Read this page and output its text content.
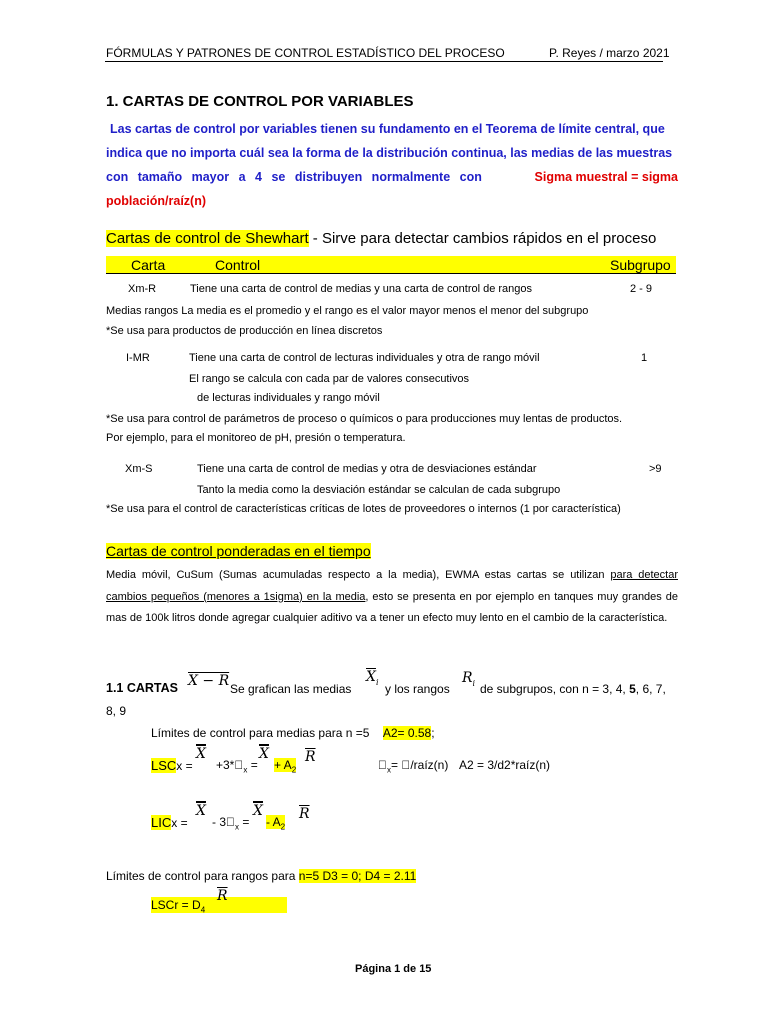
FÓRMULAS Y PATRONES DE CONTROL ESTADÍSTICO DEL PROCESO	P. Reyes / marzo 2021
1. CARTAS DE CONTROL POR VARIABLES
Las cartas de control por variables tienen su fundamento en el Teorema de límite central, que
indica que no importa cuál sea la forma de la distribución continua, las medias de las muestras
con tamaño mayor a 4 se distribuyen normalmente con	Sigma muestral = sigma
población/raíz(n)
Cartas de control de Shewhart - Sirve para detectar cambios rápidos en el proceso
Carta	Control	Subgrupo
Xm-R	Tiene una carta de control de medias y una carta de control de rangos	2 - 9
Medias rangos La media es el promedio y el rango es el valor mayor menos el menor del subgrupo
*Se usa para productos de producción en línea discretos
I-MR	Tiene una carta de control de lecturas individuales y otra de rango móvil	1
El rango se calcula con cada par de valores consecutivos
de lecturas individuales y rango móvil
*Se usa para control de parámetros de proceso o químicos o para producciones muy lentas de productos.
Por ejemplo, para el monitoreo de pH, presión o temperatura.
Xm-S	Tiene una carta de control de medias y otra de desviaciones estándar	>9
Tanto la media como la desviación estándar se calculan de cada subgrupo
*Se usa para el control de características críticas de lotes de proveedores o internos (1 por característica)
Cartas de control ponderadas en el tiempo
Media móvil, CuSum (Sumas acumuladas respecto a la media), EWMA estas cartas se utilizan para detectar cambios pequeños (menores a 1sigma) en la media, esto se presenta en por ejemplo en tanques muy grandes de mas de 100k litros donde agregar cualquier aditivo va a tener un efecto muy lento en el cambio de la característica.
1.1 CARTAS X − R Se grafican las medias
$\overline{X}_i$ y los rangos
$R_i$ de subgrupos, con n = 3, 4, 5, 6, 7,
8, 9
Límites de control para medias para n =5 A2= 0.58;
LSCx =
$\overline{X}$
$+3* _x$ =
$\overline{X}$
+ $A_2$
$\overline{R}$	$ _x=$  /raíz(n) A2 = 3/d2*raíz(n)
LICx =
$\overline{X}$
- $3 _x$ =
$\overline{X}$
- $A_2$
$\overline{R}$
Límites de control para rangos para n=5 D3 = 0; D4 = 2.11
LSCr = $D_4$
$\overline{R}$
Página 1 de 15
